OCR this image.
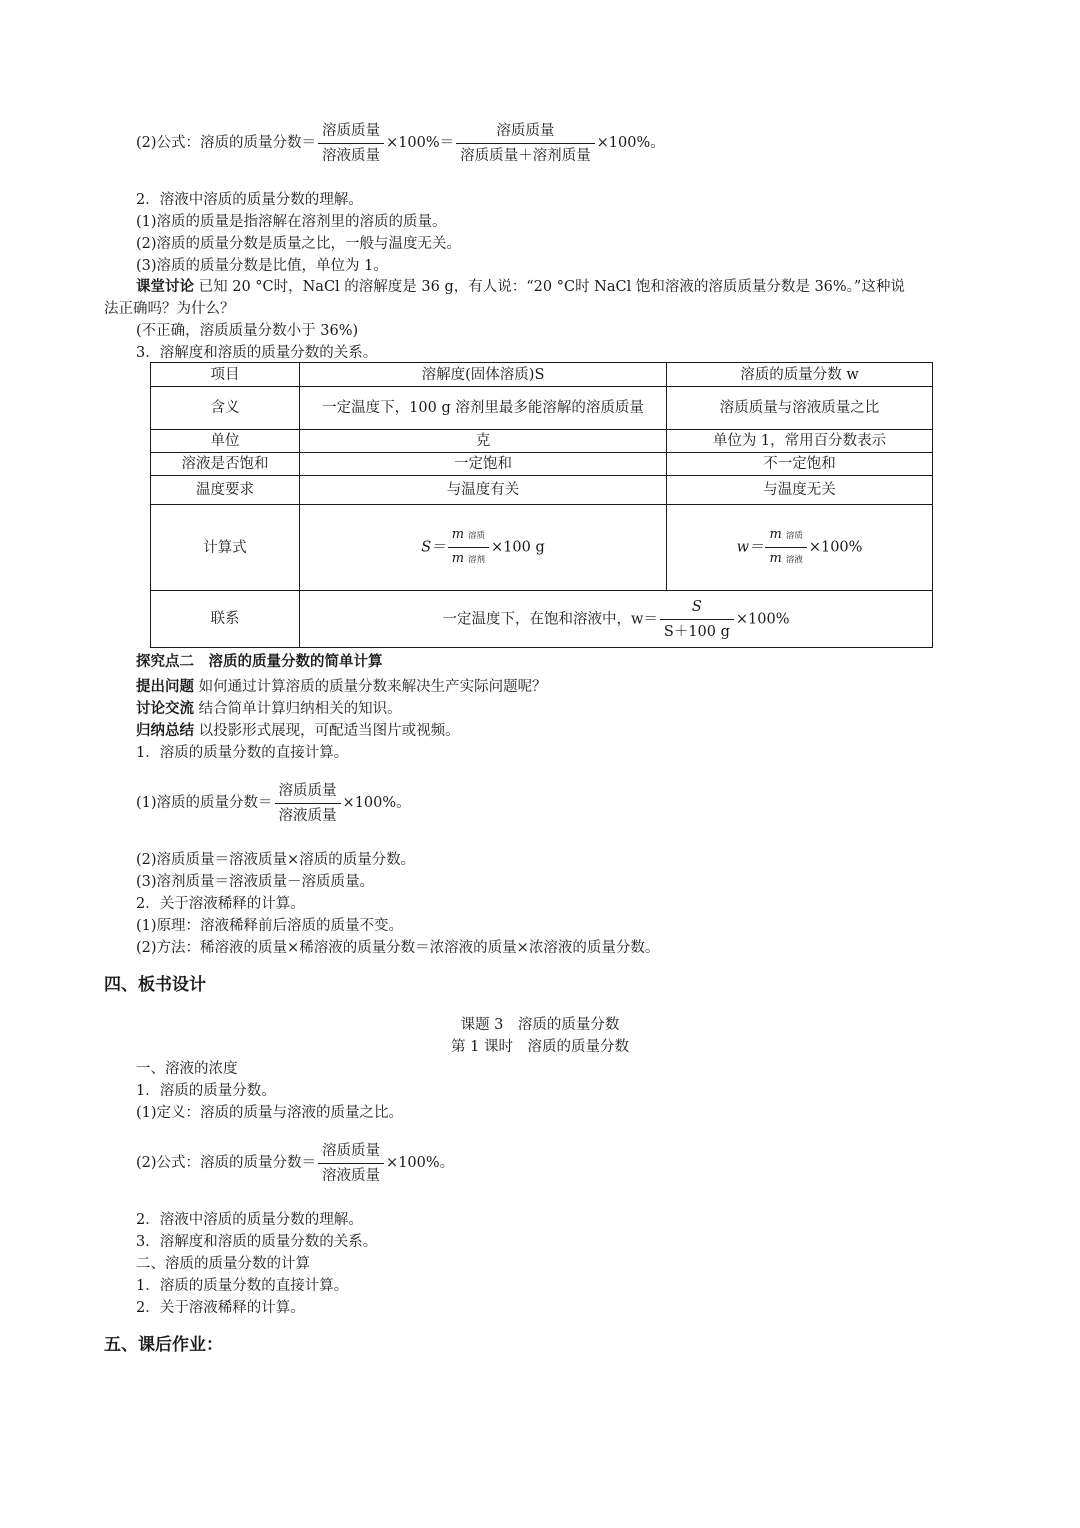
(2)公式：溶质的质量分数＝ $\frac{\text{溶质质量}}{\text{溶液质量}} \times 100\%= \frac{\text{溶质质量}}{\text{溶质质量＋溶剂质量}} \times 100\%$。
2．溶液中溶质的质量分数的理解。
(1)溶质的质量是指溶解在溶剂里的溶质的质量。
(2)溶质的质量分数是质量之比，一般与温度无关。
(3)溶质的质量分数是比值，单位为 1。
课堂讨论 已知 20 °C时，NaCl 的溶解度是 36 g，有人说：“20 °C时 NaCl 饱和溶液的溶质质量分数是 36%。”这种说
法正确吗？为什么？
(不正确，溶质质量分数小于 36%)
3．溶解度和溶质的质量分数的关系。
项目	溶解度(固体溶质)S	溶质的质量分数 w
含义	一定温度下，100 g 溶剂里最多能溶解的溶质质量	溶质质量与溶液质量之比
单位	克	单位为 1，常用百分数表示
溶液是否饱和	一定饱和	不一定饱和
温度要求	与温度有关	与温度无关
计算式	$S= \frac{\text{m 溶质}}{\text{m 溶剂}} \times 100$ g	$w= \frac{\text{m 溶质}}{\text{m 溶液}} \times 100\%$
联系	一定温度下，在饱和溶液中，$w= \frac{S}{S+100 g} \times 100\%$	
探究点二　溶质的质量分数的简单计算
提出问题 如何通过计算溶质的质量分数来解决生产实际问题呢？
讨论交流 结合简单计算归纳相关的知识。
归纳总结 以投影形式展现，可配适当图片或视频。
1．溶质的质量分数的直接计算。
(1)溶质的质量分数＝ $\frac{\text{溶质质量}}{\text{溶液质量}} \times 100\%$。
(2)溶质质量＝溶液质量×溶质的质量分数。
(3)溶剂质量＝溶液质量－溶质质量。
2．关于溶液稀释的计算。
(1)原理：溶液稀释前后溶质的质量不变。
(2)方法：稀溶液的质量×稀溶液的质量分数＝浓溶液的质量×浓溶液的质量分数。
四、板书设计
课题 3　溶质的质量分数
第 1 课时　溶质的质量分数
一、溶液的浓度
1．溶质的质量分数。
(1)定义：溶质的质量与溶液的质量之比。
(2)公式：溶质的质量分数＝ $\frac{\text{溶质质量}}{\text{溶液质量}} \times 100\%$。
2．溶液中溶质的质量分数的理解。
3．溶解度和溶质的质量分数的关系。
二、溶质的质量分数的计算
1．溶质的质量分数的直接计算。
2．关于溶液稀释的计算。
五、课后作业：
